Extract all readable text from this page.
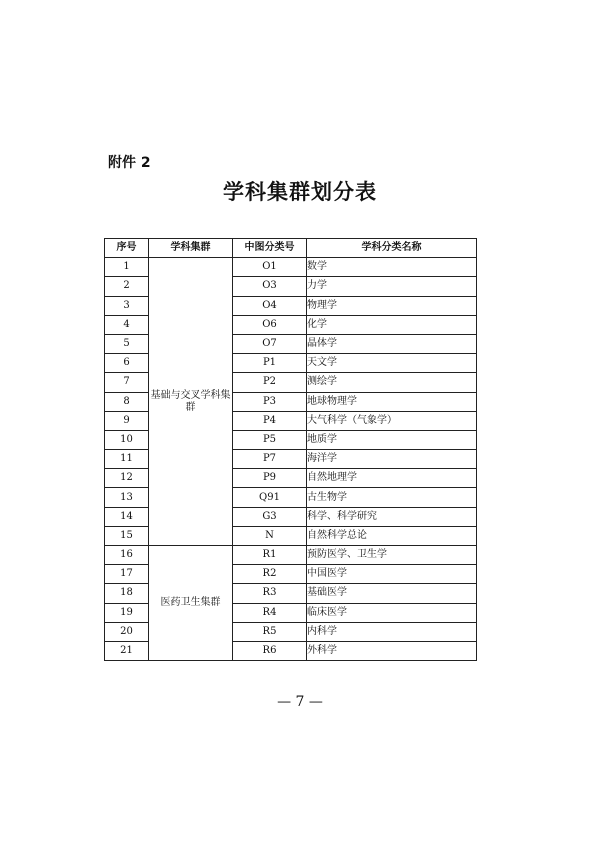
附件 2
学科集群划分表
序号	学科集群	中图分类号	学科分类名称
1	基础与交叉学科集群	O1	数学
2		O3	力学
3		O4	物理学
4		O6	化学
5		O7	晶体学
6		P1	天文学
7		P2	测绘学
8		P3	地球物理学
9		P4	大气科学（气象学）
10		P5	地质学
11		P7	海洋学
12		P9	自然地理学
13		Q91	古生物学
14		G3	科学、科学研究
15		N	自然科学总论
16	医药卫生集群	R1	预防医学、卫生学
17		R2	中国医学
18		R3	基础医学
19		R4	临床医学
20		R5	内科学
21		R6	外科学
— 7 —
